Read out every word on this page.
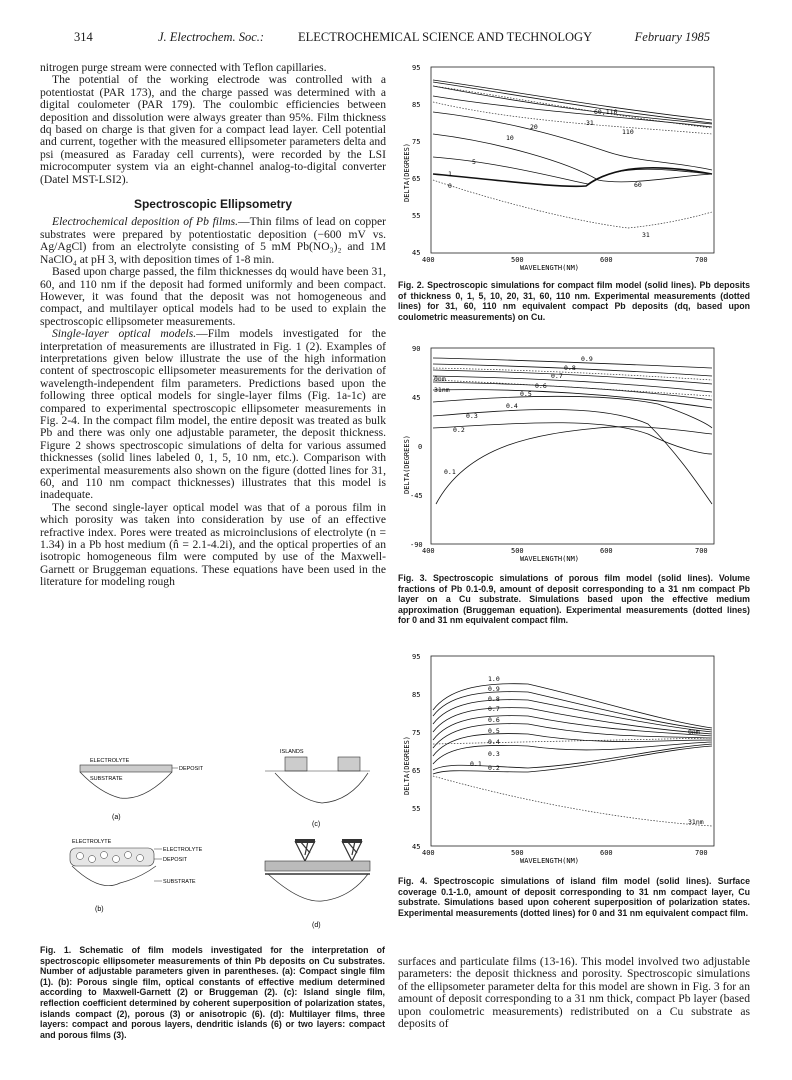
314	J. Electrochem. Soc.:	ELECTROCHEMICAL SCIENCE AND TECHNOLOGY	February 1985

nitrogen purge stream were connected with Teflon capillaries.

The potential of the working electrode was controlled with a potentiostat (PAR 173), and the charge passed was determined with a digital coulometer (PAR 179). The coulombic efficiencies between deposition and dissolution were always greater than 95%. Film thickness dq based on charge is that given for a compact lead layer. Cell potential and current, together with the measured ellipsometer parameters delta and psi (measured as Faraday cell currents), were recorded by the LSI microcomputer system via an eight-channel analog-to-digital converter (Datel MST-LSI2).

Spectroscopic Ellipsometry

Electrochemical deposition of Pb films.—Thin films of lead on copper substrates were prepared by potentiostatic deposition (−600 mV vs. Ag/AgCl) from an electrolyte consisting of 5 mM Pb(NO₃)₂ and 1M NaClO₄ at pH 3, with deposition times of 1-8 min.

Based upon charge passed, the film thicknesses dq would have been 31, 60, and 110 nm if the deposit had formed uniformly and been compact. However, it was found that the deposit was not homogeneous and compact, and multilayer optical models had to be used to explain the spectroscopic ellipsometer measurements.

Single-layer optical models.—Film models investigated for the interpretation of measurements are illustrated in Fig. 1 (2). Examples of interpretations given below illustrate the use of the high information content of spectroscopic ellipsometer measurements for the derivation of wavelength-independent film parameters. Predictions based upon the following three optical models for single-layer films (Fig. 1a-1c) are compared to experimental spectroscopic ellipsometer measurements in Fig. 2-4. In the compact film model, the entire deposit was treated as bulk Pb and there was only one adjustable parameter, the deposit thickness. Figure 2 shows spectroscopic simulations of delta for various assumed thicknesses (solid lines labeled 0, 1, 5, 10 nm, etc.). Comparison with experimental measurements also shown on the figure (dotted lines for 31, 60, and 110 nm compact thicknesses) illustrates that this model is inadequate.

The second single-layer optical model was that of a porous film in which porosity was taken into consideration by use of an effective refractive index. Pores were treated as microinclusions of electrolyte (n = 1.34) in a Pb host medium (n̂ = 2.1-4.2i), and the optical properties of an isotropic homogeneous film were computed by use of the Maxwell-Garnett or Bruggeman equations. These equations have been used in the literature for modeling rough

ELECTROLYTE
DEPOSIT
SUBSTRATE
(a)
ISLANDS
(c)
ELECTROLYTE
ELECTROLYTE
DEPOSIT
SUBSTRATE
(b)
(d)
Fig. 1. Schematic of film models investigated for the interpretation of spectroscopic ellipsometer measurements of thin Pb deposits on Cu substrates. Number of adjustable parameters given in parentheses. (a): Compact single film (1). (b): Porous single film, optical constants of effective medium determined according to Maxwell-Garnett (2) or Bruggeman (2). (c): Island single film, reflection coefficient determined by coherent superposition of polarization states, islands compact (2), porous (3) or anisotropic (6). (d): Multilayer films, three layers: compact and porous layers, dendritic islands (6) or two layers: compact and porous films (3).
95
85
75
65
55
45
DELTA(DEGREES)
400	500	600	700
WAVELENGTH(NM)
60,110
31
20
10
110
5
1
0	60
31
Fig. 2. Spectroscopic simulations for compact film model (solid lines). Pb deposits of thickness 0, 1, 5, 10, 20, 31, 60, 110 nm. Experimental measurements (dotted lines) for 31, 60, 110 nm equivalent compact Pb deposits (dq, based upon coulometric measurements) on Cu.
90
45
0
-45
-90
DELTA(DEGREES)
400	500	600	700
WAVELENGTH(NM)
0.9
0.8
0.7
0nm
0.6
0.5
31nm
0.4
0.3
0.2
0.1
Fig. 3. Spectroscopic simulations of porous film model (solid lines). Volume fractions of Pb 0.1-0.9, amount of deposit corresponding to a 31 nm compact Pb layer on a Cu substrate. Simulations based upon the effective medium approximation (Bruggeman equation). Experimental measurements (dotted lines) for 0 and 31 nm equivalent compact film.
95
85
75
65
55
45
DELTA(DEGREES)
400	500	600	700
WAVELENGTH(NM)
1.0
0.9
0.8
0.7
0.6
0.5
0.4
0.3
0.1 0.2
0nm
31nm
Fig. 4. Spectroscopic simulations of island film model (solid lines). Surface coverage 0.1-1.0, amount of deposit corresponding to 31 nm compact layer, Cu substrate. Simulations based upon coherent superposition of polarization states. Experimental measurements (dotted lines) for 0 and 31 nm equivalent compact film.
surfaces and particulate films (13-16). This model involved two adjustable parameters: the deposit thickness and porosity. Spectroscopic simulations of the ellipsometer parameter delta for this model are shown in Fig. 3 for an amount of deposit corresponding to a 31 nm thick, compact Pb layer (based upon coulometric measurements) redistributed on a Cu substrate as deposits of
